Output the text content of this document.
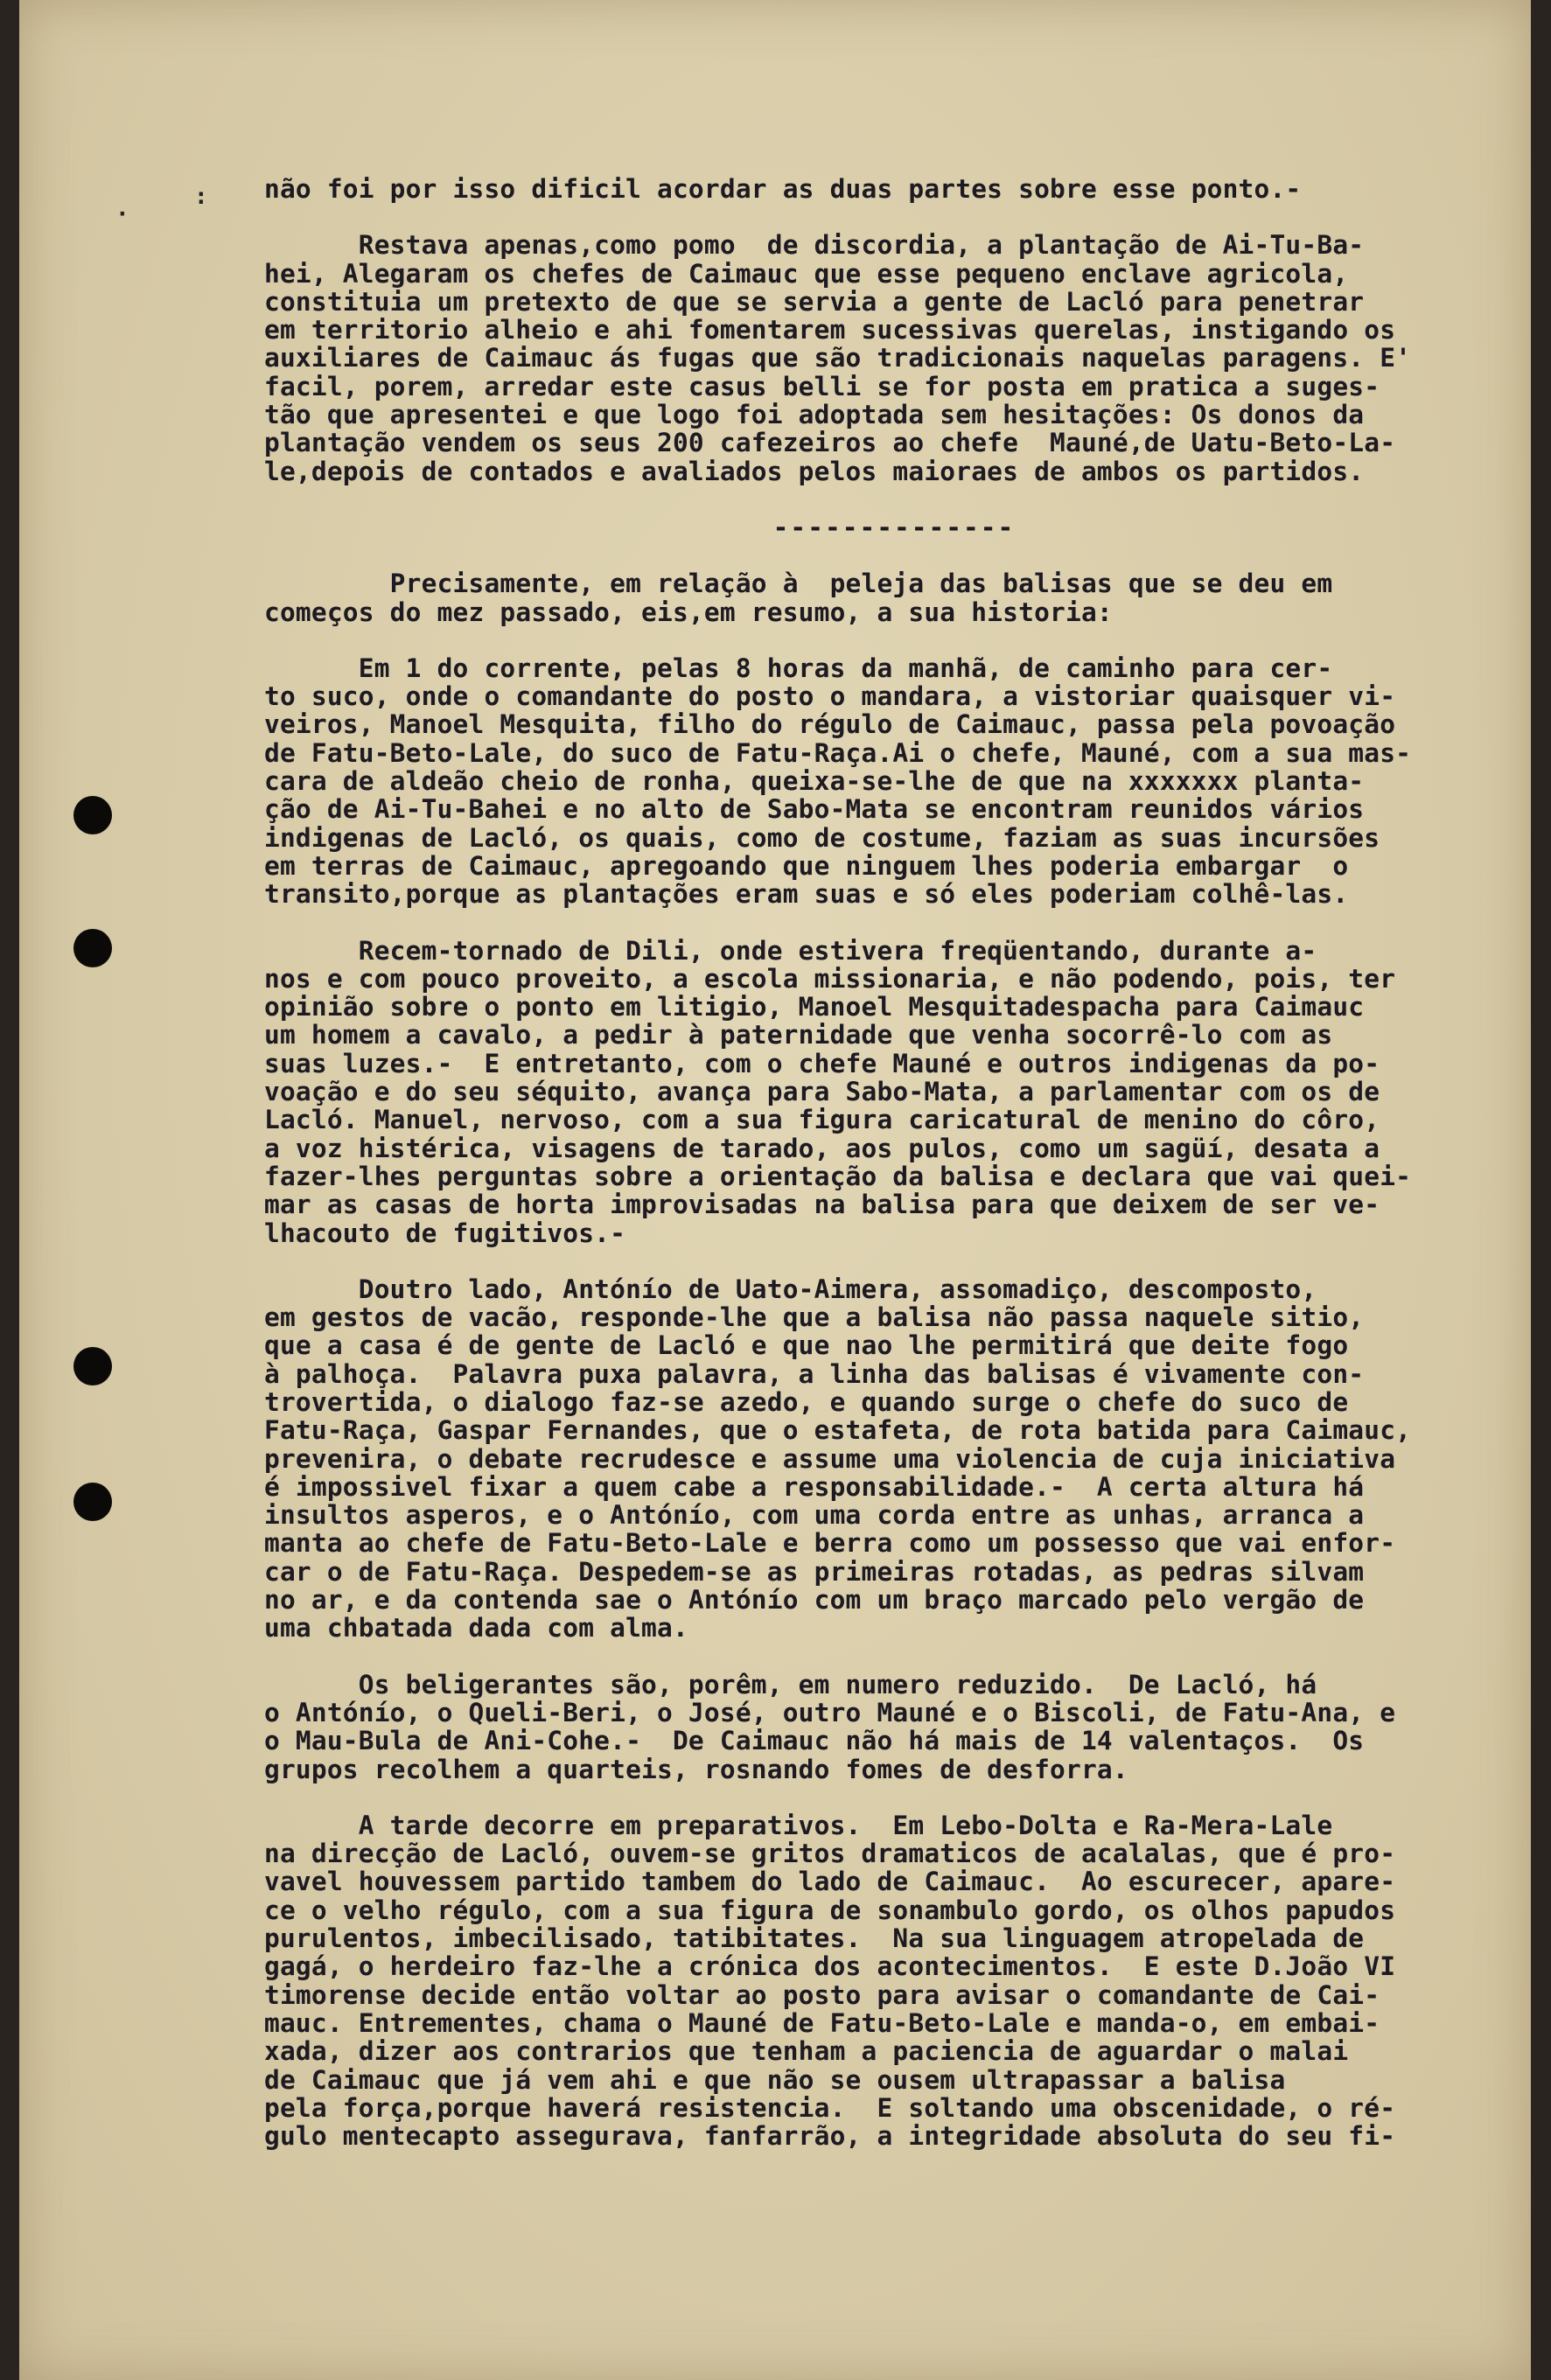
:
·
não foi por isso dificil acordar as duas partes sobre esse ponto.-
Restava apenas,como pomo  de discordia, a plantação de Ai-Tu-Ba-
hei, Alegaram os chefes de Caimauc que esse pequeno enclave agricola,
constituia um pretexto de que se servia a gente de Lacló para penetrar
em territorio alheio e ahi fomentarem sucessivas querelas, instigando os
auxiliares de Caimauc ás fugas que são tradicionais naquelas paragens. E'
facil, porem, arredar este casus belli se for posta em pratica a suges-
tão que apresentei e que logo foi adoptada sem hesitações: Os donos da
plantação vendem os seus 200 cafezeiros ao chefe  Mauné,de Uatu-Beto-La-
le,depois de contados e avaliados pelos maioraes de ambos os partidos.
--------------
Precisamente, em relação à  peleja das balisas que se deu em
começos do mez passado, eis,em resumo, a sua historia:
Em 1 do corrente, pelas 8 horas da manhã, de caminho para cer-
to suco, onde o comandante do posto o mandara, a vistoriar quaisquer vi-
veiros, Manoel Mesquita, filho do régulo de Caimauc, passa pela povoação
de Fatu-Beto-Lale, do suco de Fatu-Raça.Ai o chefe, Mauné, com a sua mas-
cara de aldeão cheio de ronha, queixa-se-lhe de que na xxxxxxx planta-
ção de Ai-Tu-Bahei e no alto de Sabo-Mata se encontram reunidos vários
indigenas de Lacló, os quais, como de costume, faziam as suas incursões
em terras de Caimauc, apregoando que ninguem lhes poderia embargar  o
transito,porque as plantações eram suas e só eles poderiam colhê-las.
Recem-tornado de Dili, onde estivera freqüentando, durante a-
nos e com pouco proveito, a escola missionaria, e não podendo, pois, ter
opinião sobre o ponto em litigio, Manoel Mesquitadespacha para Caimauc
um homem a cavalo, a pedir à paternidade que venha socorrê-lo com as
suas luzes.-  E entretanto, com o chefe Mauné e outros indigenas da po-
voação e do seu séquito, avança para Sabo-Mata, a parlamentar com os de
Lacló. Manuel, nervoso, com a sua figura caricatural de menino do côro,
a voz histérica, visagens de tarado, aos pulos, como um sagüí, desata a
fazer-lhes perguntas sobre a orientação da balisa e declara que vai quei-
mar as casas de horta improvisadas na balisa para que deixem de ser ve-
lhacouto de fugitivos.-
Doutro lado, Antónío de Uato-Aimera, assomadiço, descomposto,
em gestos de vacão, responde-lhe que a balisa não passa naquele sitio,
que a casa é de gente de Lacló e que nao lhe permitirá que deite fogo
à palhoça.  Palavra puxa palavra, a linha das balisas é vivamente con-
trovertida, o dialogo faz-se azedo, e quando surge o chefe do suco de
Fatu-Raça, Gaspar Fernandes, que o estafeta, de rota batida para Caimauc,
prevenira, o debate recrudesce e assume uma violencia de cuja iniciativa
é impossivel fixar a quem cabe a responsabilidade.-  A certa altura há
insultos asperos, e o Antónío, com uma corda entre as unhas, arranca a
manta ao chefe de Fatu-Beto-Lale e berra como um possesso que vai enfor-
car o de Fatu-Raça. Despedem-se as primeiras rotadas, as pedras silvam
no ar, e da contenda sae o Antónío com um braço marcado pelo vergão de
uma chbatada dada com alma.
Os beligerantes são, porêm, em numero reduzido.  De Lacló, há
o Antónío, o Queli-Beri, o José, outro Mauné e o Biscoli, de Fatu-Ana, e
o Mau-Bula de Ani-Cohe.-  De Caimauc não há mais de 14 valentaços.  Os
grupos recolhem a quarteis, rosnando fomes de desforra.
A tarde decorre em preparativos.  Em Lebo-Dolta e Ra-Mera-Lale
na direcção de Lacló, ouvem-se gritos dramaticos de acalalas, que é pro-
vavel houvessem partido tambem do lado de Caimauc.  Ao escurecer, apare-
ce o velho régulo, com a sua figura de sonambulo gordo, os olhos papudos
purulentos, imbecilisado, tatibitates.  Na sua linguagem atropelada de
gagá, o herdeiro faz-lhe a crónica dos acontecimentos.  E este D.João VI
timorense decide então voltar ao posto para avisar o comandante de Cai-
mauc. Entrementes, chama o Mauné de Fatu-Beto-Lale e manda-o, em embai-
xada, dizer aos contrarios que tenham a paciencia de aguardar o malai
de Caimauc que já vem ahi e que não se ousem ultrapassar a balisa
pela força,porque haverá resistencia.  E soltando uma obscenidade, o ré-
gulo mentecapto assegurava, fanfarrão, a integridade absoluta do seu fi-
